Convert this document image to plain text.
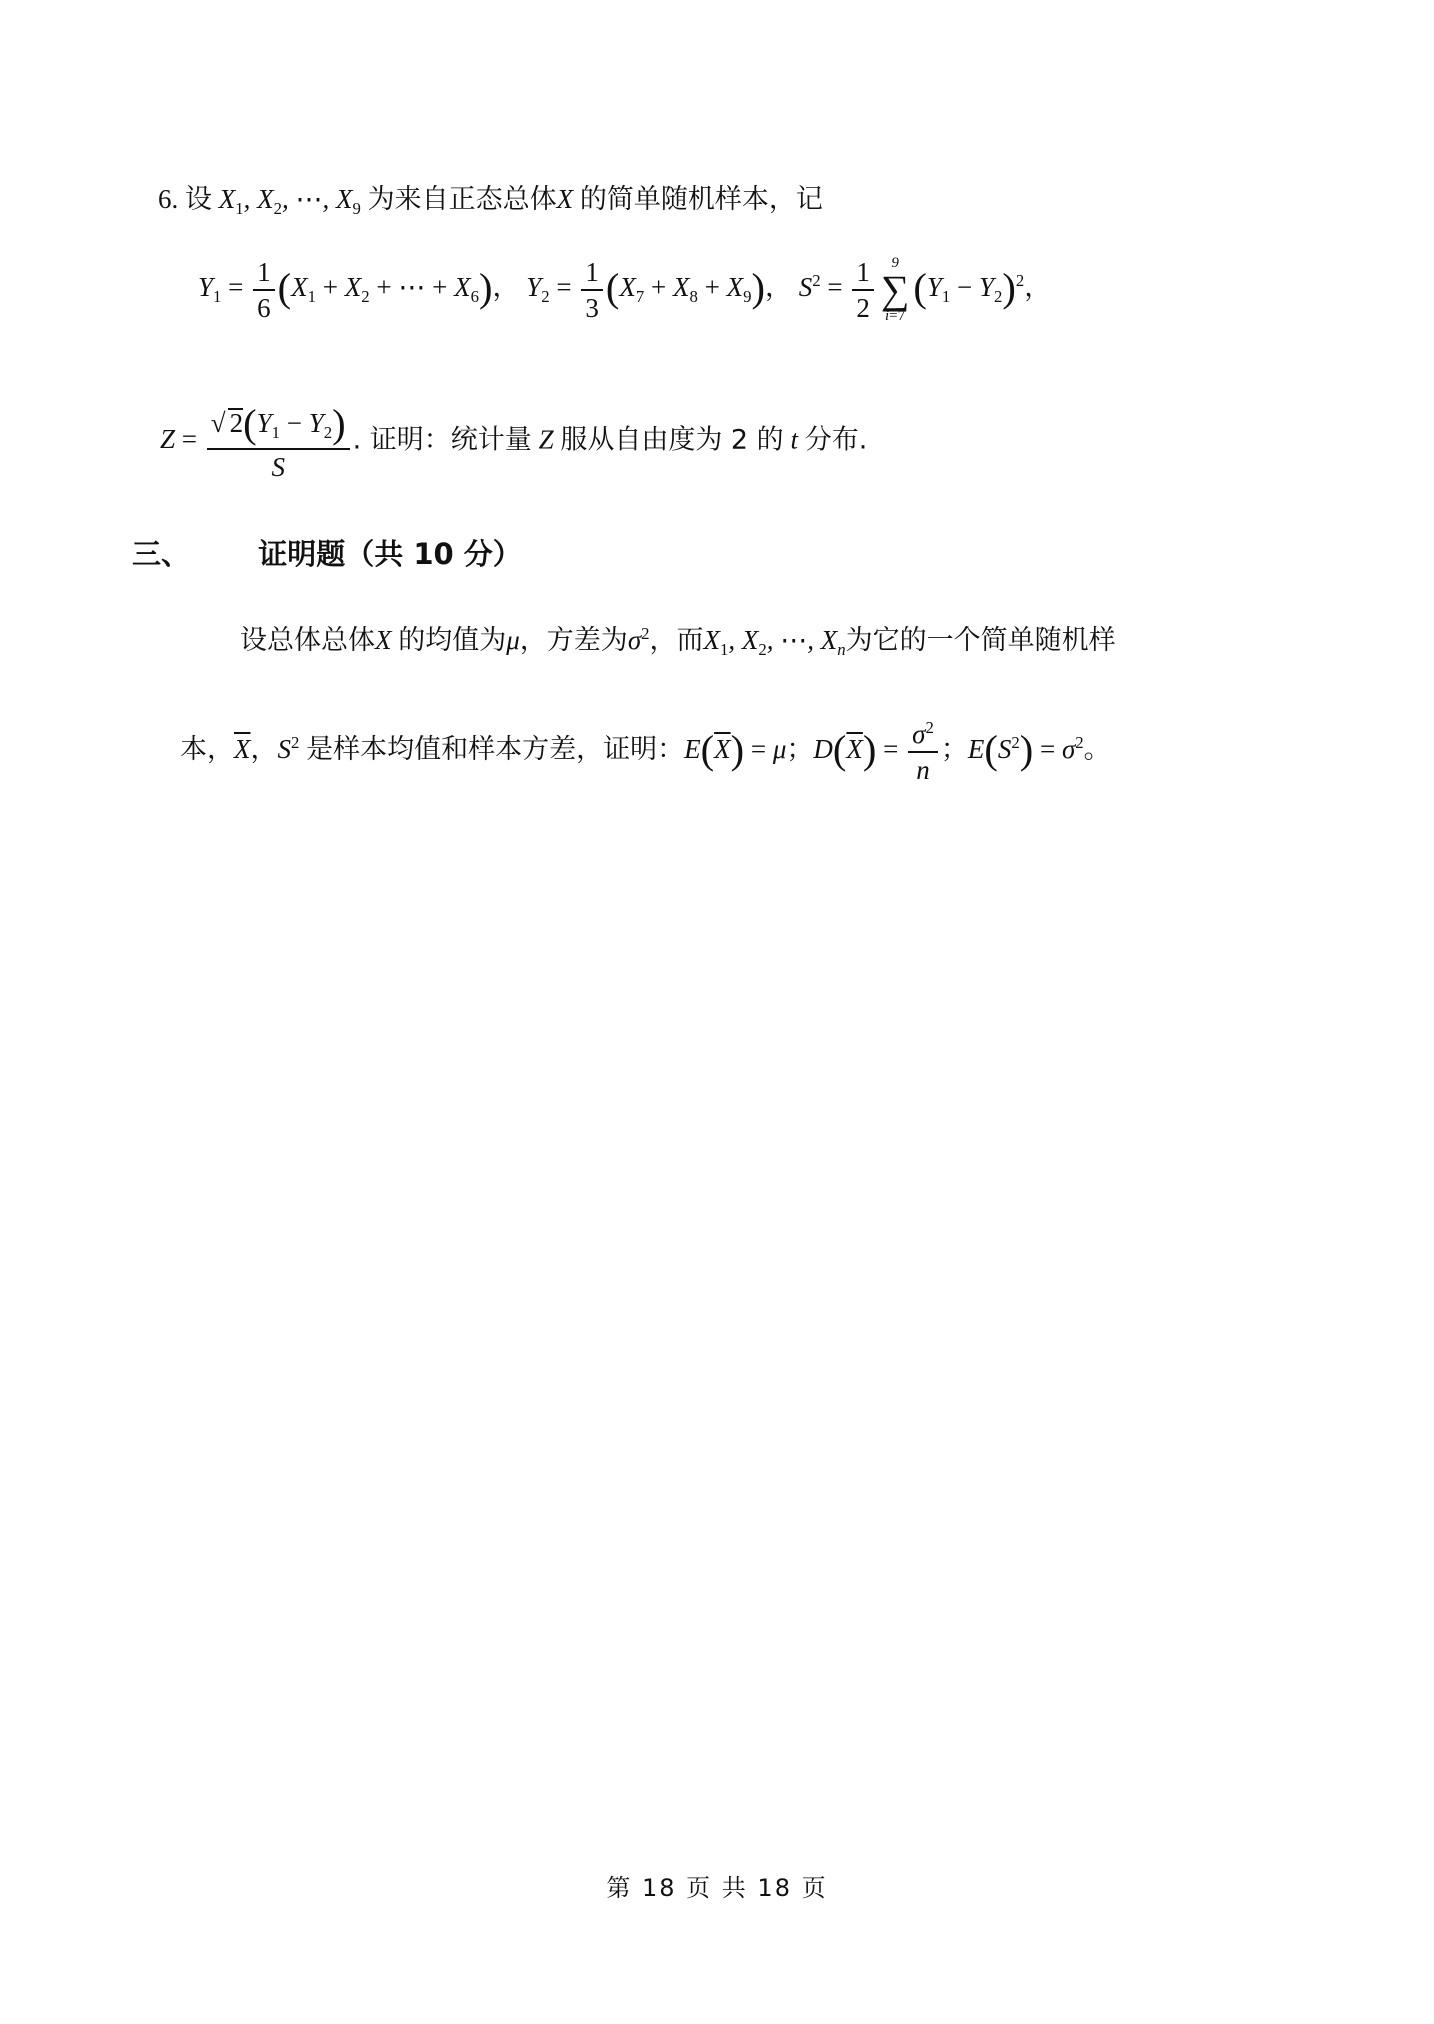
6. 设 $X_1$, $X_2$, ⋯, $X_9$ 为来自正态总体X 的简单随机样本，记
$Y_1 = \frac{1}{6} (X_1 + X_2$ + ⋯ + $X_6$)， $Y_2 = \frac{1}{3} (X_7 + X_8 + X_9)$， $S^2 = \frac{1}{2}$	9
∑
i=7
$(Y_1 - Y_2)^2$，
$Z = \frac{√ 2(Y_1 - Y_2)}{S}$ . 证明：统计量 Z 服从自由度为 2 的 t 分布.
三、 证明题（共 10 分）
设总体总体X 的均值为μ，方差为$\sigma^2$，而$X_1$, $X_2$, ⋯, $X_n$为它的一个简单随机样
本，$\overline{X}$，$S^2$ 是样本均值和样本方差，证明：$E(\overline{X}) = \mu$；$D(\overline{X}) = \frac{\sigma^2}{n}$ ；$E(S^2) = \sigma^2$。
第 18 页 共 18 页
